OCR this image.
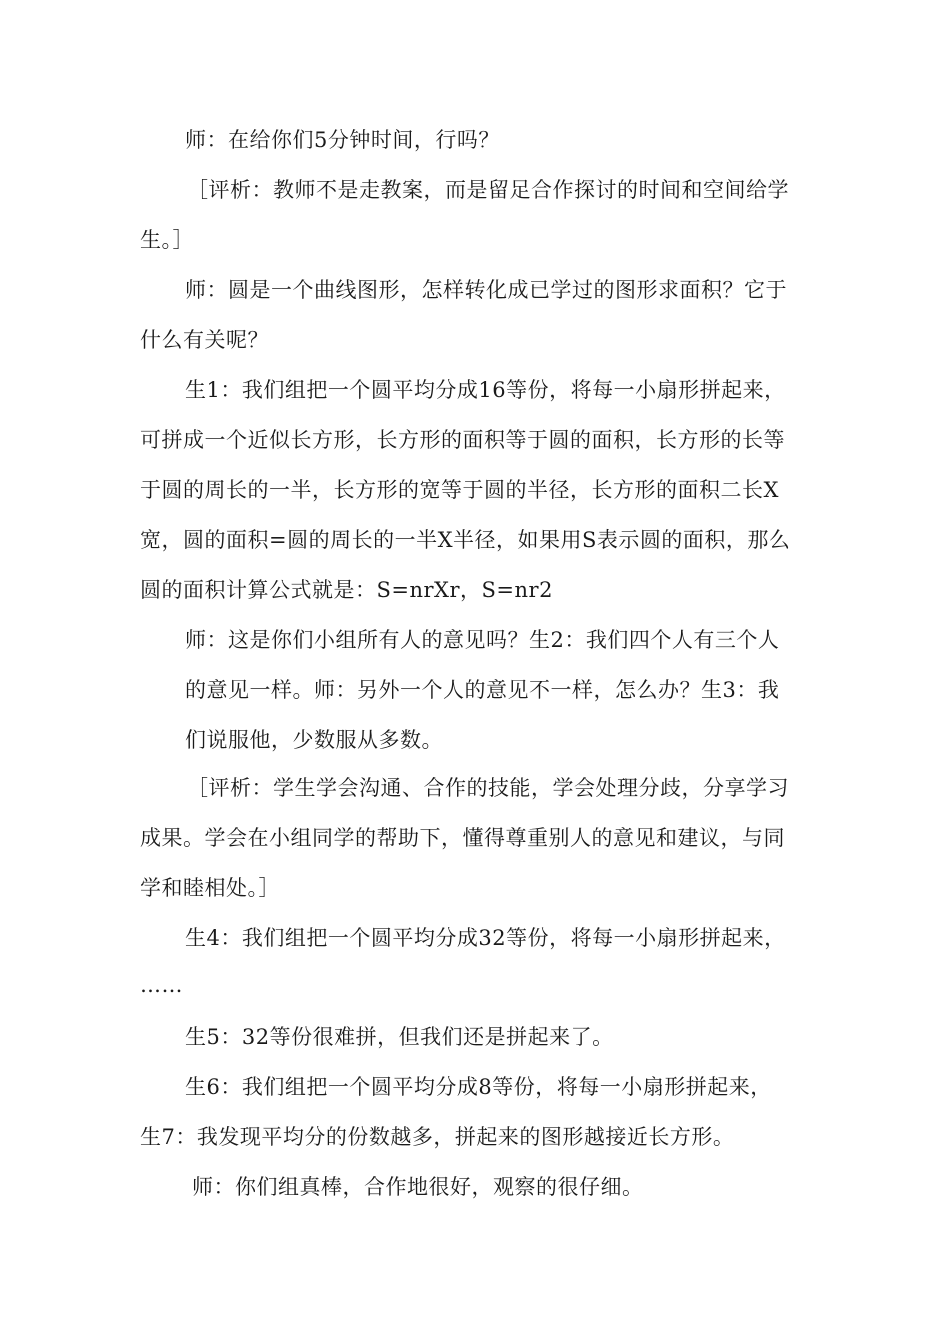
师：在给你们5分钟时间，行吗？

［评析：教师不是走教案，而是留足合作探讨的时间和空间给学

生。］

师：圆是一个曲线图形，怎样转化成已学过的图形求面积？它于

什么有关呢？

生1：我们组把一个圆平均分成16等份，将每一小扇形拼起来，

可拼成一个近似长方形，长方形的面积等于圆的面积，长方形的长等

于圆的周长的一半，长方形的宽等于圆的半径，长方形的面积二长X

宽，圆的面积=圆的周长的一半X半径，如果用S表示圆的面积，那么

圆的面积计算公式就是：S=nrXr，S=nr2

师：这是你们小组所有人的意见吗？生2：我们四个人有三个人

的意见一样。师：另外一个人的意见不一样，怎么办？生3：我

们说服他，少数服从多数。

［评析：学生学会沟通、合作的技能，学会处理分歧，分享学习

成果。学会在小组同学的帮助下，懂得尊重别人的意见和建议，与同

学和睦相处。］

生4：我们组把一个圆平均分成32等份，将每一小扇形拼起来，

……

生5：32等份很难拼，但我们还是拼起来了。

生6：我们组把一个圆平均分成8等份，将每一小扇形拼起来，

生7：我发现平均分的份数越多，拼起来的图形越接近长方形。

师：你们组真棒，合作地很好，观察的很仔细。
